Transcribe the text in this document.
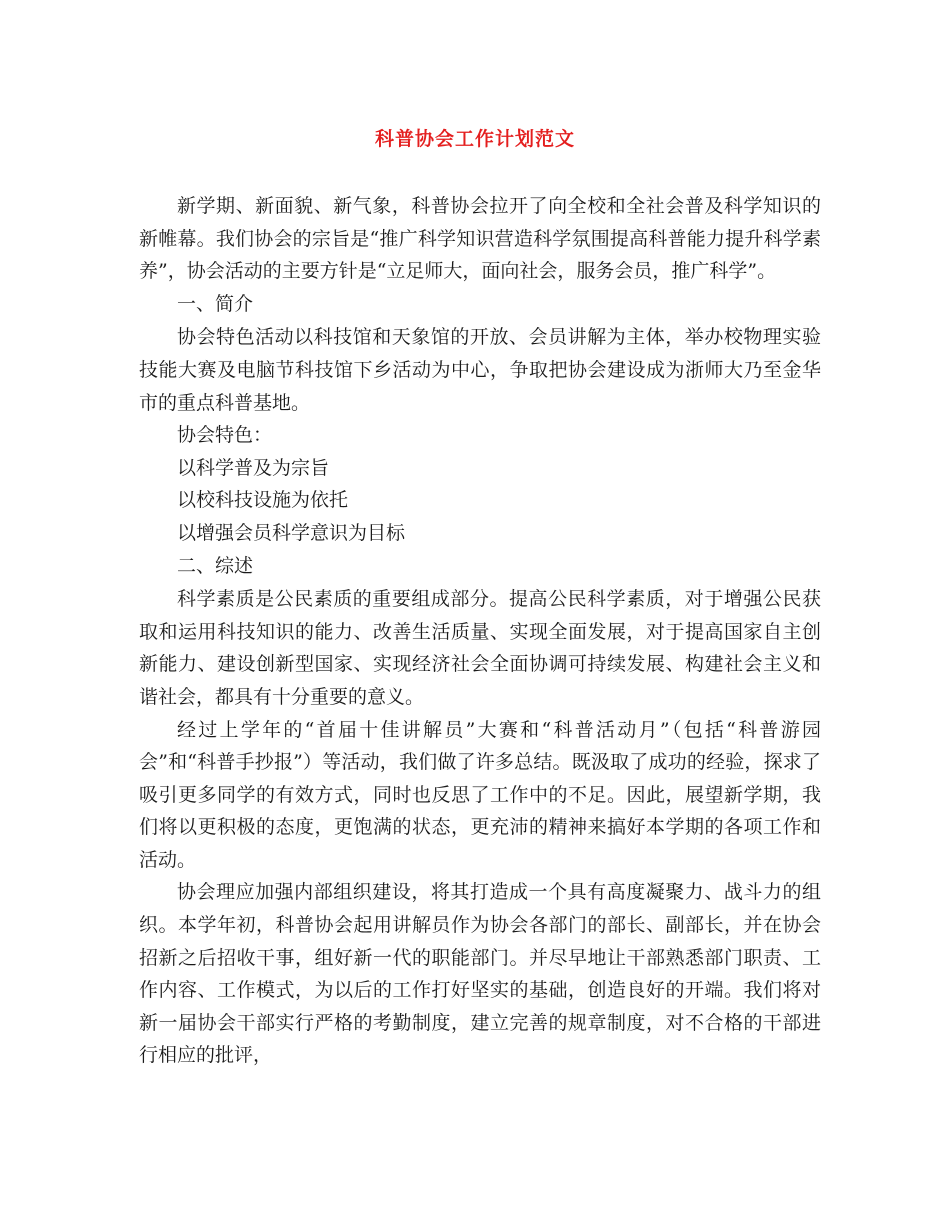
科普协会工作计划范文

新学期、新面貌、新气象，科普协会拉开了向全校和全社会普及科学知识的新帷幕。我们协会的宗旨是“推广科学知识营造科学氛围提高科普能力提升科学素养”，协会活动的主要方针是“立足师大，面向社会，服务会员，推广科学”。

一、简介

协会特色活动以科技馆和天象馆的开放、会员讲解为主体，举办校物理实验技能大赛及电脑节科技馆下乡活动为中心，争取把协会建设成为浙师大乃至金华市的重点科普基地。

协会特色：

以科学普及为宗旨

以校科技设施为依托

以增强会员科学意识为目标

二、综述

科学素质是公民素质的重要组成部分。提高公民科学素质，对于增强公民获取和运用科技知识的能力、改善生活质量、实现全面发展，对于提高国家自主创新能力、建设创新型国家、实现经济社会全面协调可持续发展、构建社会主义和谐社会，都具有十分重要的意义。

经过上学年的“首届十佳讲解员”大赛和“科普活动月”（包括“科普游园会”和“科普手抄报”）等活动，我们做了许多总结。既汲取了成功的经验，探求了吸引更多同学的有效方式，同时也反思了工作中的不足。因此，展望新学期，我们将以更积极的态度，更饱满的状态，更充沛的精神来搞好本学期的各项工作和活动。

协会理应加强内部组织建设，将其打造成一个具有高度凝聚力、战斗力的组织。本学年初，科普协会起用讲解员作为协会各部门的部长、副部长，并在协会招新之后招收干事，组好新一代的职能部门。并尽早地让干部熟悉部门职责、工作内容、工作模式，为以后的工作打好坚实的基础，创造良好的开端。我们将对新一届协会干部实行严格的考勤制度，建立完善的规章制度，对不合格的干部进行相应的批评，
